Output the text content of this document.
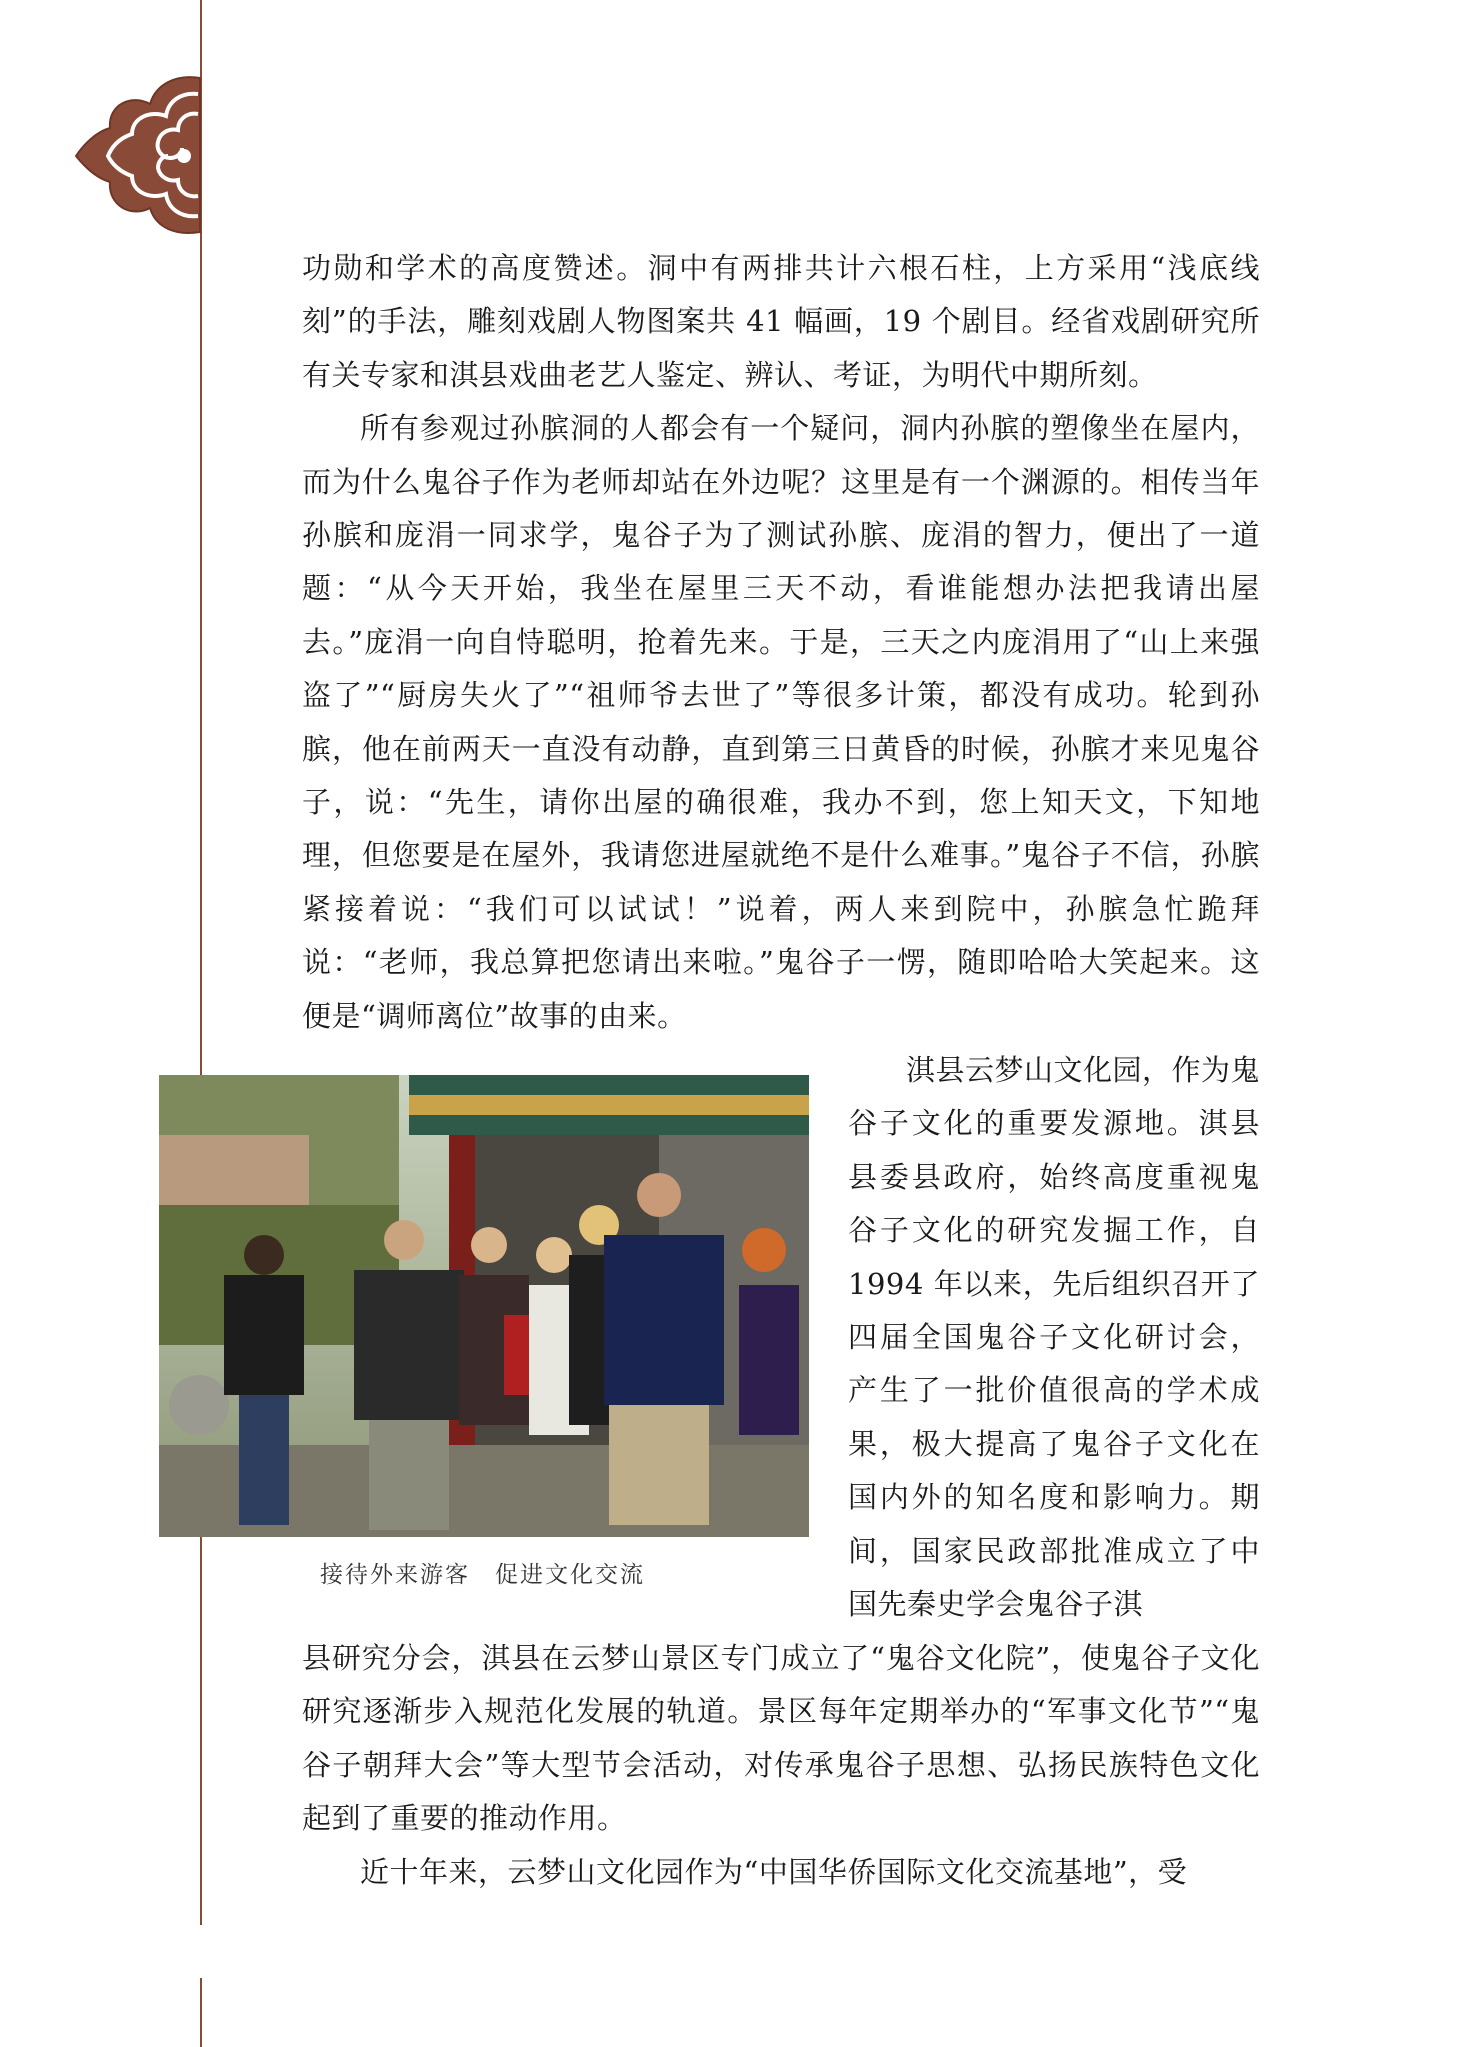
功勋和学术的高度赞述。洞中有两排共计六根石柱，上方采用“浅底线刻”的手法，雕刻戏剧人物图案共 41 幅画，19 个剧目。经省戏剧研究所有关专家和淇县戏曲老艺人鉴定、辨认、考证，为明代中期所刻。

所有参观过孙膑洞的人都会有一个疑问，洞内孙膑的塑像坐在屋内，而为什么鬼谷子作为老师却站在外边呢？这里是有一个渊源的。相传当年孙膑和庞涓一同求学，鬼谷子为了测试孙膑、庞涓的智力，便出了一道题：“从今天开始，我坐在屋里三天不动，看谁能想办法把我请出屋去。”庞涓一向自恃聪明，抢着先来。于是，三天之内庞涓用了“山上来强盗了”“厨房失火了”“祖师爷去世了”等很多计策，都没有成功。轮到孙膑，他在前两天一直没有动静，直到第三日黄昏的时候，孙膑才来见鬼谷子，说：“先生，请你出屋的确很难，我办不到，您上知天文，下知地理，但您要是在屋外，我请您进屋就绝不是什么难事。”鬼谷子不信，孙膑紧接着说：“我们可以试试！”说着，两人来到院中，孙膑急忙跪拜说：“老师，我总算把您请出来啦。”鬼谷子一愣，随即哈哈大笑起来。这便是“调师离位”故事的由来。

接待外来游客　促进文化交流
淇县云梦山文化园，作为鬼谷子文化的重要发源地。淇县县委县政府，始终高度重视鬼谷子文化的研究发掘工作，自 1994 年以来，先后组织召开了四届全国鬼谷子文化研讨会，产生了一批价值很高的学术成果，极大提高了鬼谷子文化在国内外的知名度和影响力。期间，国家民政部批准成立了中国先秦史学会鬼谷子淇

县研究分会，淇县在云梦山景区专门成立了“鬼谷文化院”，使鬼谷子文化研究逐渐步入规范化发展的轨道。景区每年定期举办的“军事文化节”“鬼谷子朝拜大会”等大型节会活动，对传承鬼谷子思想、弘扬民族特色文化起到了重要的推动作用。

近十年来，云梦山文化园作为“中国华侨国际文化交流基地”，受
